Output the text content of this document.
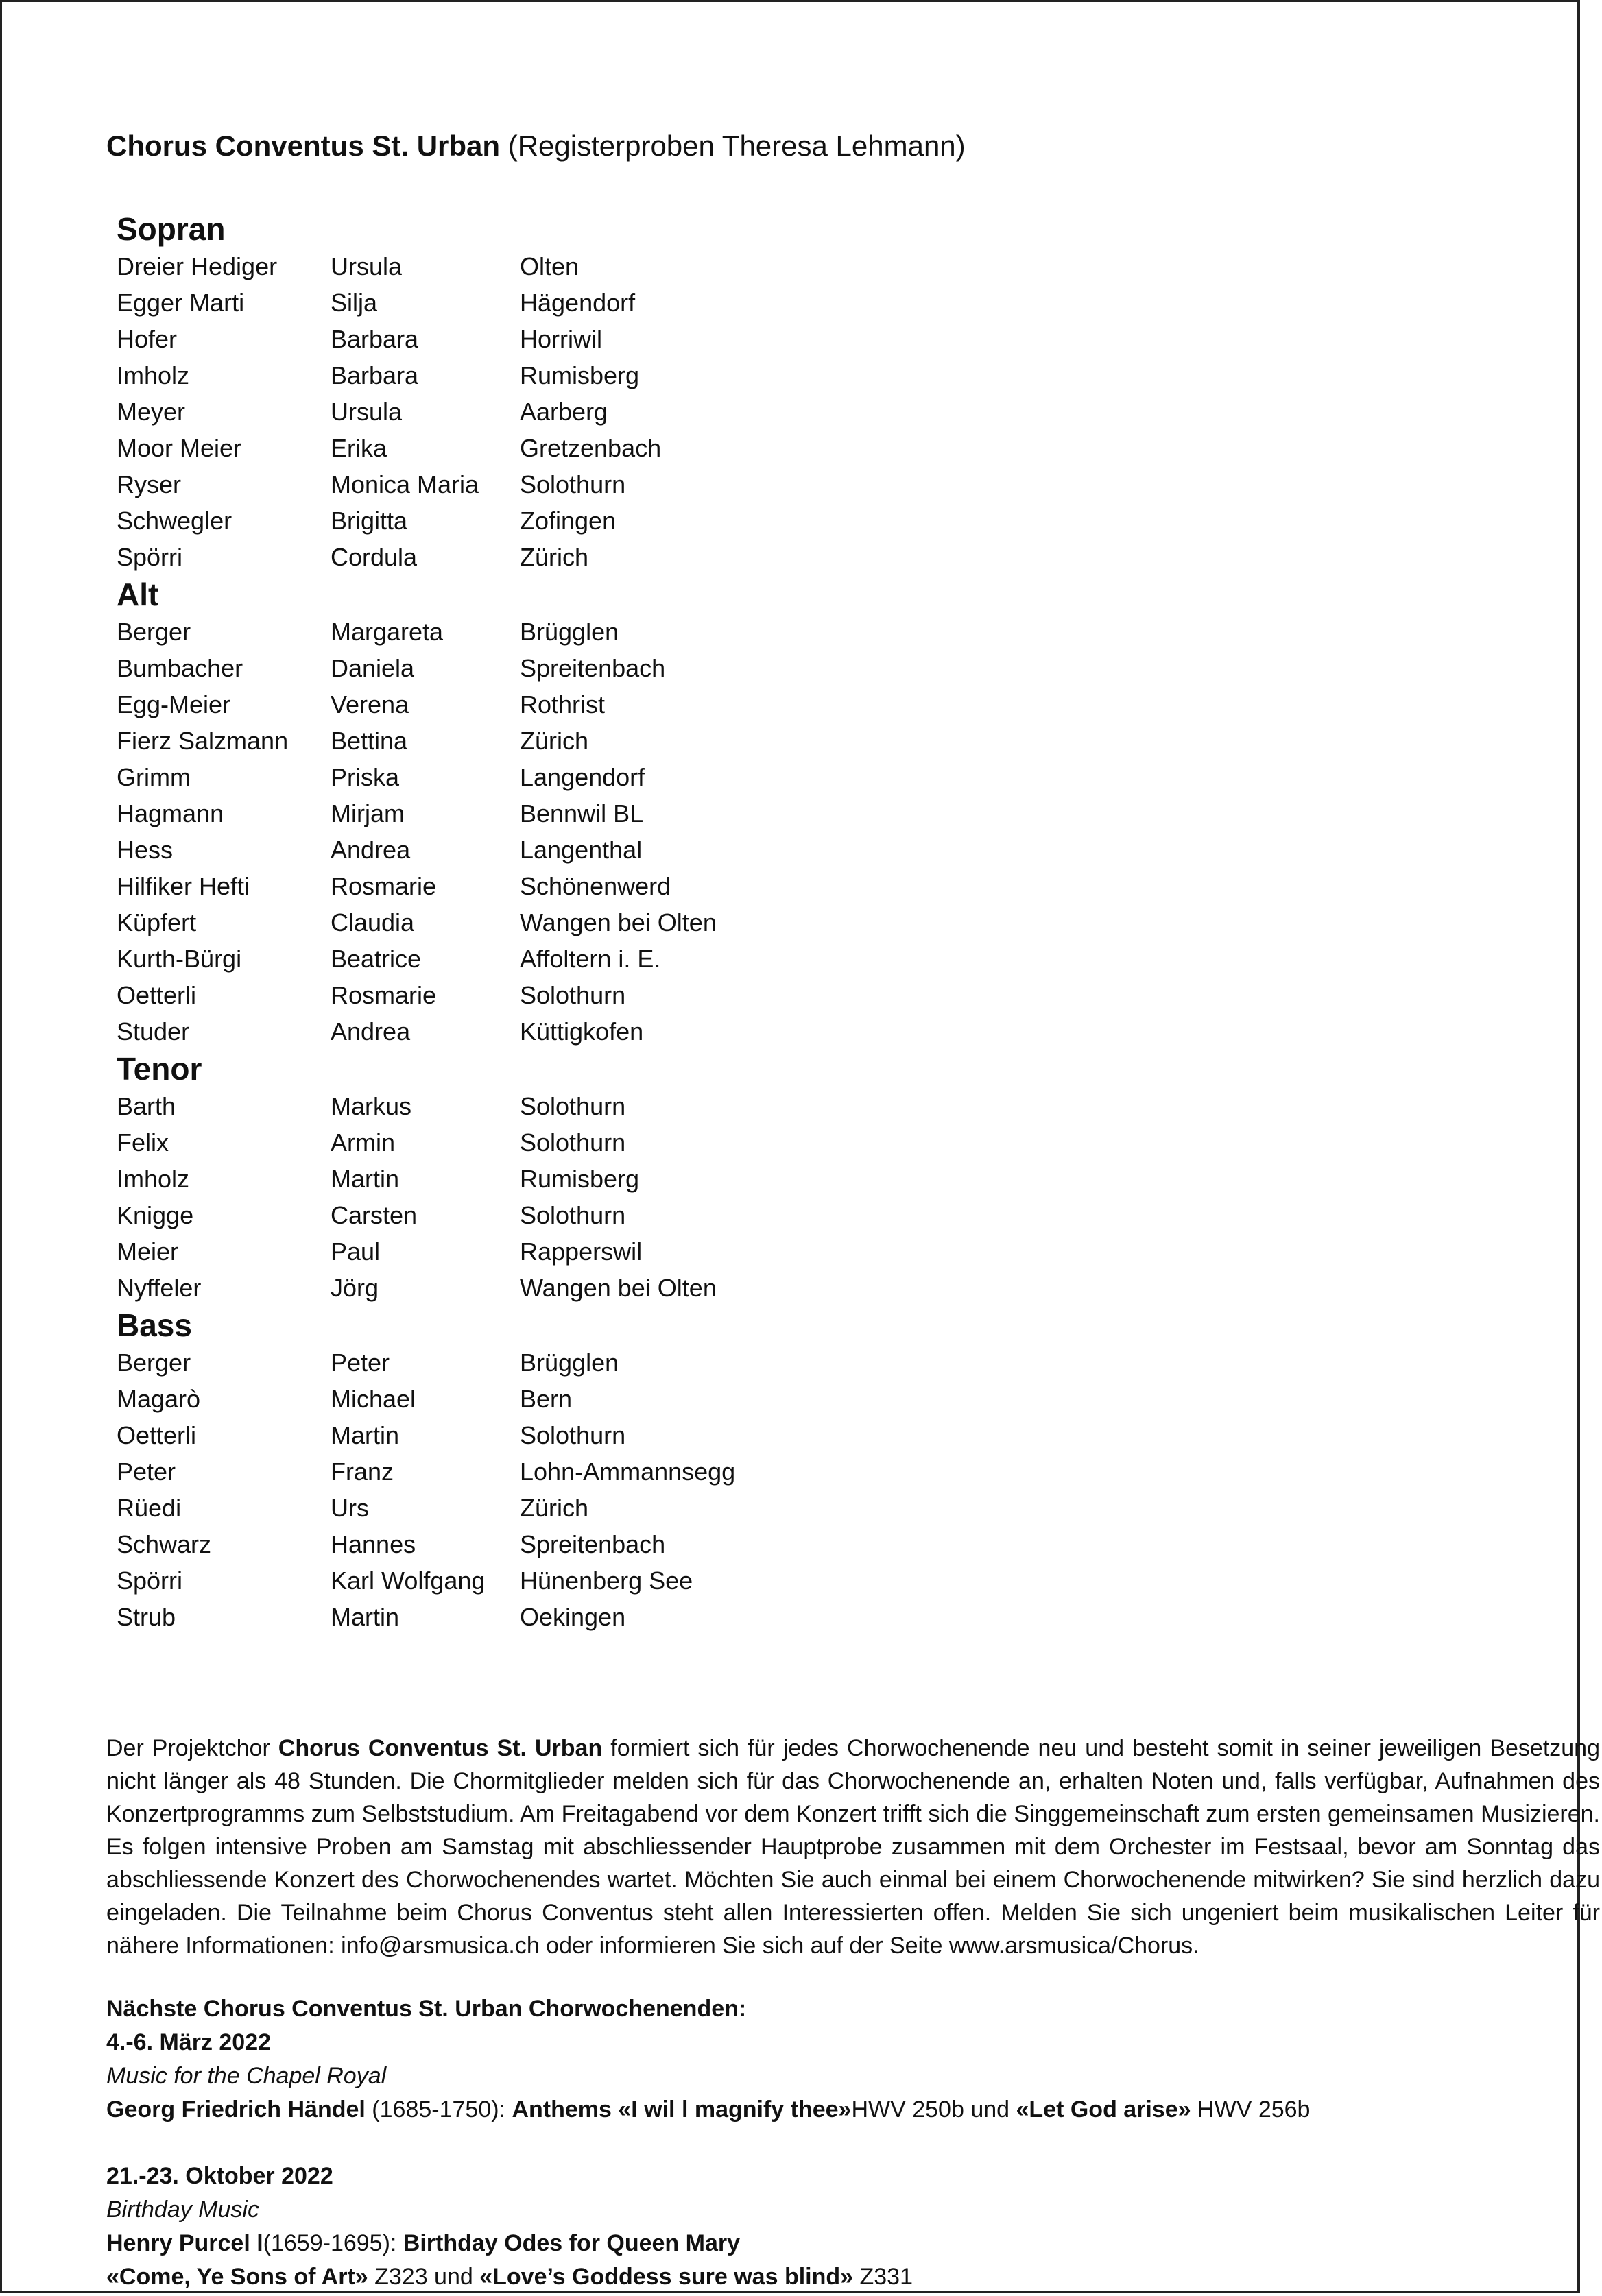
Chorus Conventus St. Urban (Registerproben Theresa Lehmann)
Sopran
Dreier Hediger	Ursula	Olten
Egger Marti	Silja	Hägendorf
Hofer	Barbara	Horriwil
Imholz	Barbara	Rumisberg
Meyer	Ursula	Aarberg
Moor Meier	Erika	Gretzenbach
Ryser	Monica Maria	Solothurn
Schwegler	Brigitta	Zofingen
Spörri	Cordula	Zürich
Alt
Berger	Margareta	Brügglen
Bumbacher	Daniela	Spreitenbach
Egg-Meier	Verena	Rothrist
Fierz Salzmann	Bettina	Zürich
Grimm	Priska	Langendorf
Hagmann	Mirjam	Bennwil BL
Hess	Andrea	Langenthal
Hilfiker Hefti	Rosmarie	Schönenwerd
Küpfert	Claudia	Wangen bei Olten
Kurth-Bürgi	Beatrice	Affoltern i. E.
Oetterli	Rosmarie	Solothurn
Studer	Andrea	Küttigkofen
Tenor
Barth	Markus	Solothurn
Felix	Armin	Solothurn
Imholz	Martin	Rumisberg
Knigge	Carsten	Solothurn
Meier	Paul	Rapperswil
Nyffeler	Jörg	Wangen bei Olten
Bass
Berger	Peter	Brügglen
Magarò	Michael	Bern
Oetterli	Martin	Solothurn
Peter	Franz	Lohn-Ammannsegg
Rüedi	Urs	Zürich
Schwarz	Hannes	Spreitenbach
Spörri	Karl Wolfgang	Hünenberg See
Strub	Martin	Oekingen
Der Projektchor Chorus Conventus St. Urban formiert sich für jedes Chorwochenende neu und besteht somit in seiner jeweiligen Besetzung nicht länger als 48 Stunden. Die Chormitglieder melden sich für das Chorwochenende an, erhalten Noten und, falls verfügbar, Aufnahmen des Konzertprogramms zum Selbststudium. Am Freitagabend vor dem Konzert trifft sich die Singgemeinschaft zum ersten gemeinsamen Musizieren. Es folgen intensive Proben am Samstag mit abschliessender Hauptprobe zusammen mit dem Orchester im Festsaal, bevor am Sonntag das abschliessende Konzert des Chorwochenendes wartet. Möchten Sie auch einmal bei einem Chorwochenende mitwirken? Sie sind herzlich dazu eingeladen. Die Teilnahme beim Chorus Conventus steht allen Interessierten offen. Melden Sie sich ungeniert beim musikalischen Leiter für nähere Informationen: info@arsmusica.ch oder informieren Sie sich auf der Seite www.arsmusica/Chorus.
Nächste Chorus Conventus St. Urban Chorwochenenden:
4.-6. März 2022
Music for the Chapel Royal
Georg Friedrich Händel (1685-1750): Anthems «I wil l magnify thee»HWV 250b und «Let God arise» HWV 256b
21.-23. Oktober 2022
Birthday Music
Henry Purcel l(1659-1695): Birthday Odes for Queen Mary
«Come, Ye Sons of Art» Z323 und «Love’s Goddess sure was blind» Z331
